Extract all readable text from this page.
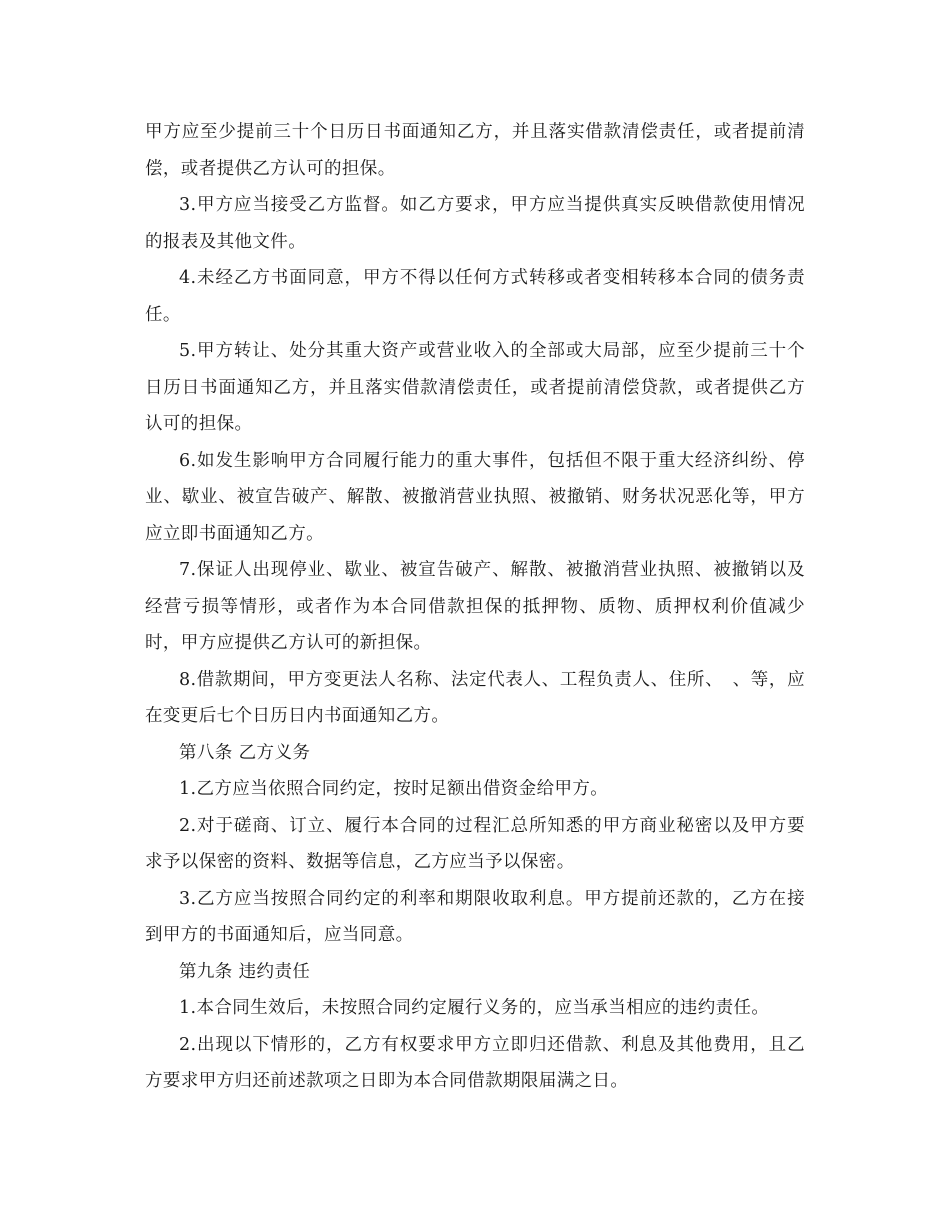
甲方应至少提前三十个日历日书面通知乙方，并且落实借款清偿责任，或者提前清偿，或者提供乙方认可的担保。

3.甲方应当接受乙方监督。如乙方要求，甲方应当提供真实反映借款使用情况的报表及其他文件。

4.未经乙方书面同意，甲方不得以任何方式转移或者变相转移本合同的债务责任。

5.甲方转让、处分其重大资产或营业收入的全部或大局部，应至少提前三十个日历日书面通知乙方，并且落实借款清偿责任，或者提前清偿贷款，或者提供乙方认可的担保。

6.如发生影响甲方合同履行能力的重大事件，包括但不限于重大经济纠纷、停业、歇业、被宣告破产、解散、被撤消营业执照、被撤销、财务状况恶化等，甲方应立即书面通知乙方。

7.保证人出现停业、歇业、被宣告破产、解散、被撤消营业执照、被撤销以及经营亏损等情形，或者作为本合同借款担保的抵押物、质物、质押权利价值减少时，甲方应提供乙方认可的新担保。

8.借款期间，甲方变更法人名称、法定代表人、工程负责人、住所、　、等，应在变更后七个日历日内书面通知乙方。

第八条 乙方义务

1.乙方应当依照合同约定，按时足额出借资金给甲方。

2.对于磋商、订立、履行本合同的过程汇总所知悉的甲方商业秘密以及甲方要求予以保密的资料、数据等信息，乙方应当予以保密。

3.乙方应当按照合同约定的利率和期限收取利息。甲方提前还款的，乙方在接到甲方的书面通知后，应当同意。

第九条 违约责任

1.本合同生效后，未按照合同约定履行义务的，应当承当相应的违约责任。

2.出现以下情形的，乙方有权要求甲方立即归还借款、利息及其他费用，且乙方要求甲方归还前述款项之日即为本合同借款期限届满之日。
